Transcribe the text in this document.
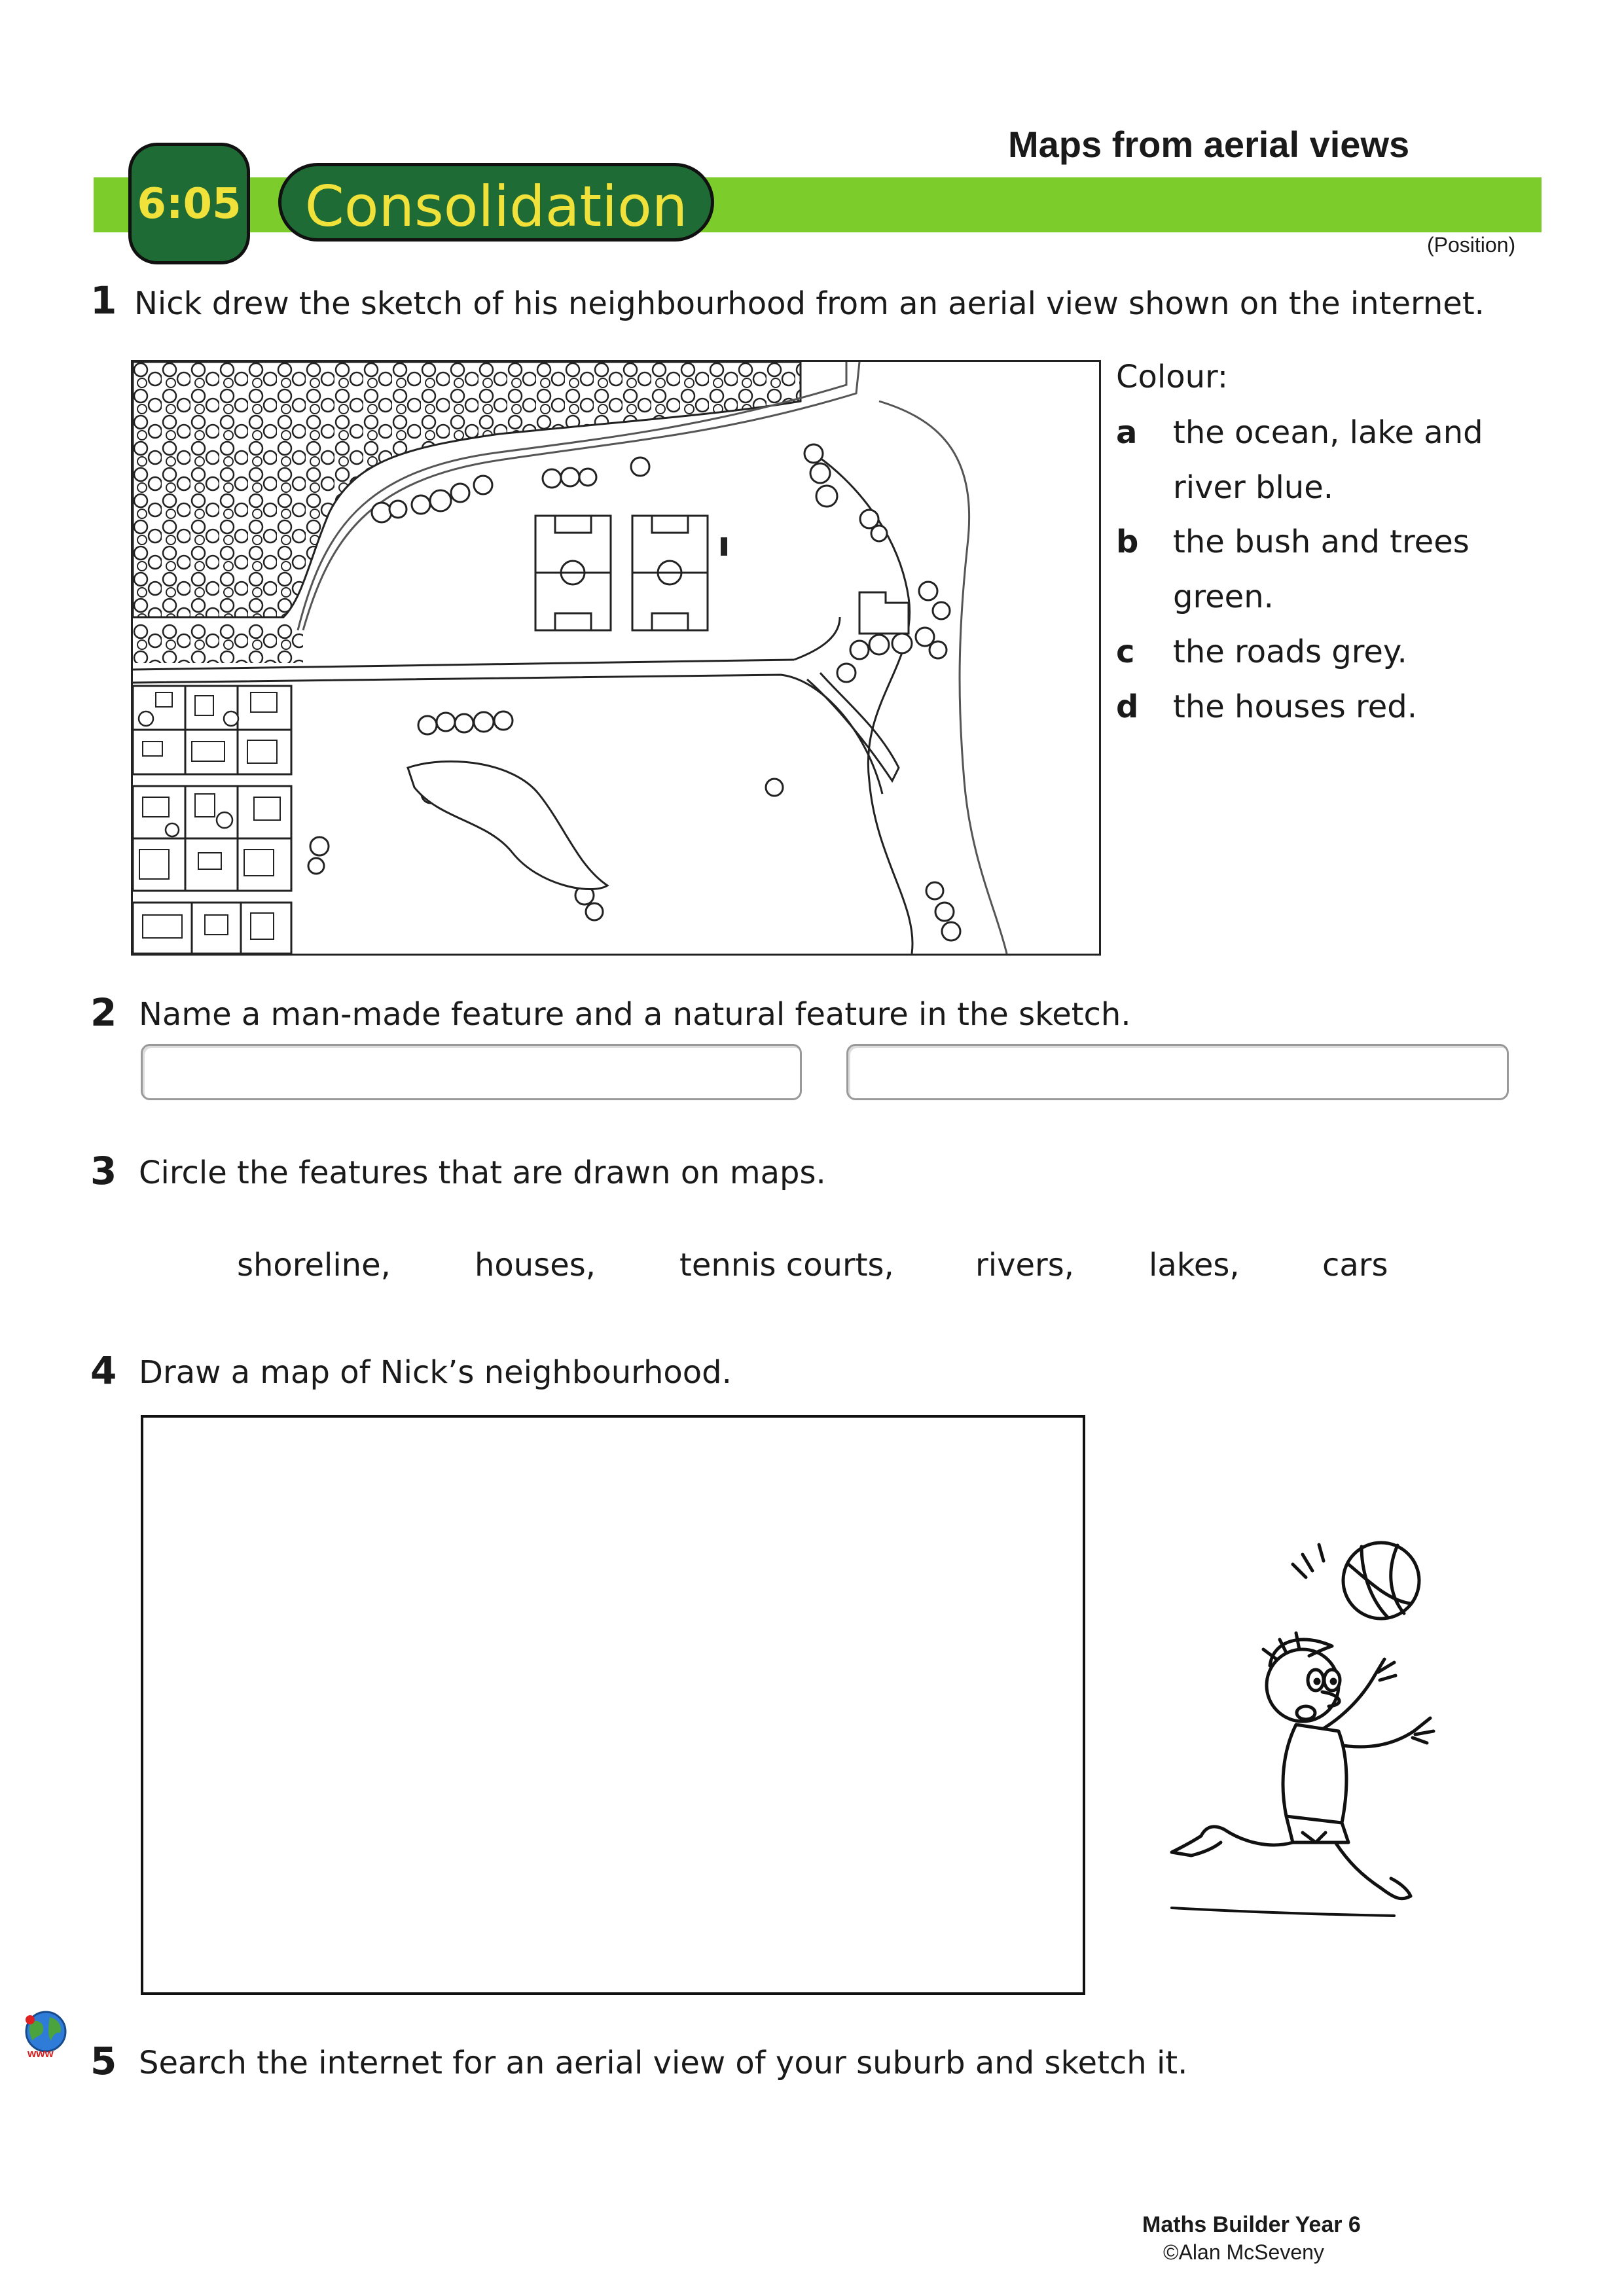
Maps from aerial views
6:05	Consolidation
(Position)
1 Nick drew the sketch of his neighbourhood from an aerial view shown on the internet.
Colour:
a the ocean, lake and
river blue.
b the bush and trees
green.
c the roads grey.
d the houses red.
2 Name a man-made feature and a natural feature in the sketch.
3 Circle the features that are drawn on maps.
shoreline,	houses,	tennis courts,	rivers, lakes,	cars
4 Draw a map of Nick’s neighbourhood.
www 5 Search the internet for an aerial view of your suburb and sketch it.
Maths Builder Year 6
©Alan McSeveny
